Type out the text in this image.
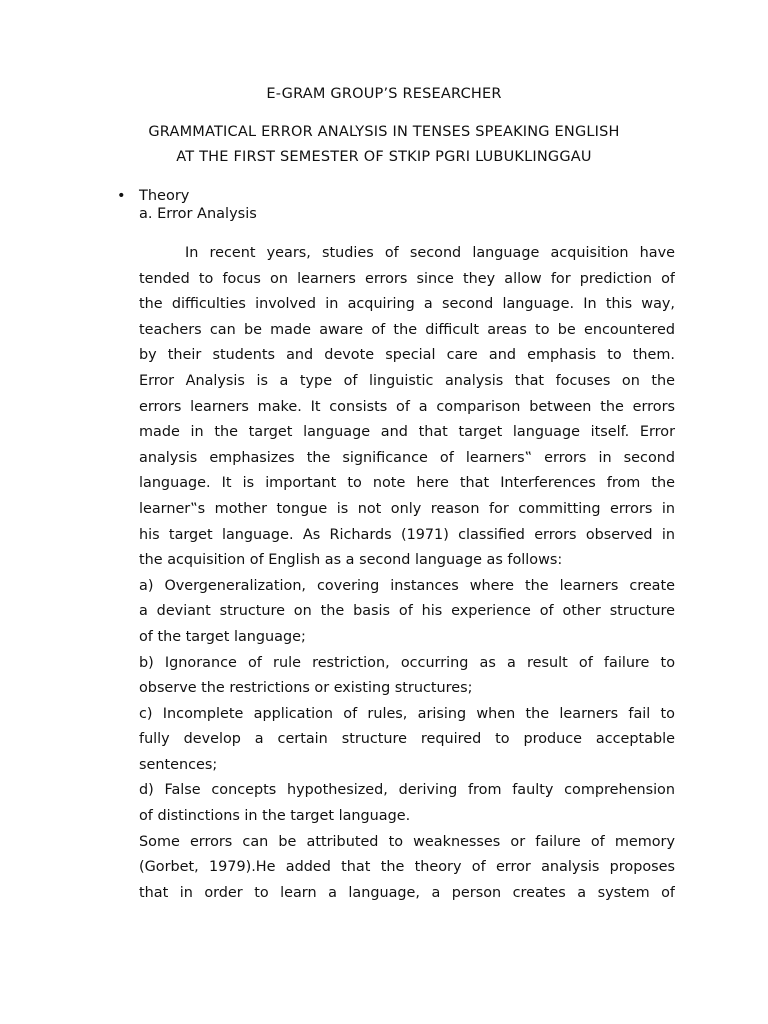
E-GRAM GROUP’S RESEARCHER
GRAMMATICAL ERROR ANALYSIS IN TENSES SPEAKING ENGLISH
AT THE FIRST SEMESTER OF STKIP PGRI LUBUKLINGGAU
• Theory
a. Error Analysis
In recent years, studies of second language acquisition have
tended to focus on learners errors since they allow for prediction of
the difficulties involved in acquiring a second language. In this way,
teachers can be made aware of the difficult areas to be encountered
by their students and devote special care and emphasis to them.
Error Analysis is a type of linguistic analysis that focuses on the
errors learners make. It consists of a comparison between the errors
made in the target language and that target language itself. Error
analysis emphasizes the significance of learners‟ errors in second
language. It is important to note here that Interferences from the
learner‟s mother tongue is not only reason for committing errors in
his target language. As Richards (1971) classified errors observed in
the acquisition of English as a second language as follows:
a) Overgeneralization, covering instances where the learners create
a deviant structure on the basis of his experience of other structure
of the target language;
b) Ignorance of rule restriction, occurring as a result of failure to
observe the restrictions or existing structures;
c) Incomplete application of rules, arising when the learners fail to
fully develop a certain structure required to produce acceptable
sentences;
d) False concepts hypothesized, deriving from faulty comprehension
of distinctions in the target language.
Some errors can be attributed to weaknesses or failure of memory
(Gorbet, 1979).He added that the theory of error analysis proposes
that in order to learn a language, a person creates a system of
